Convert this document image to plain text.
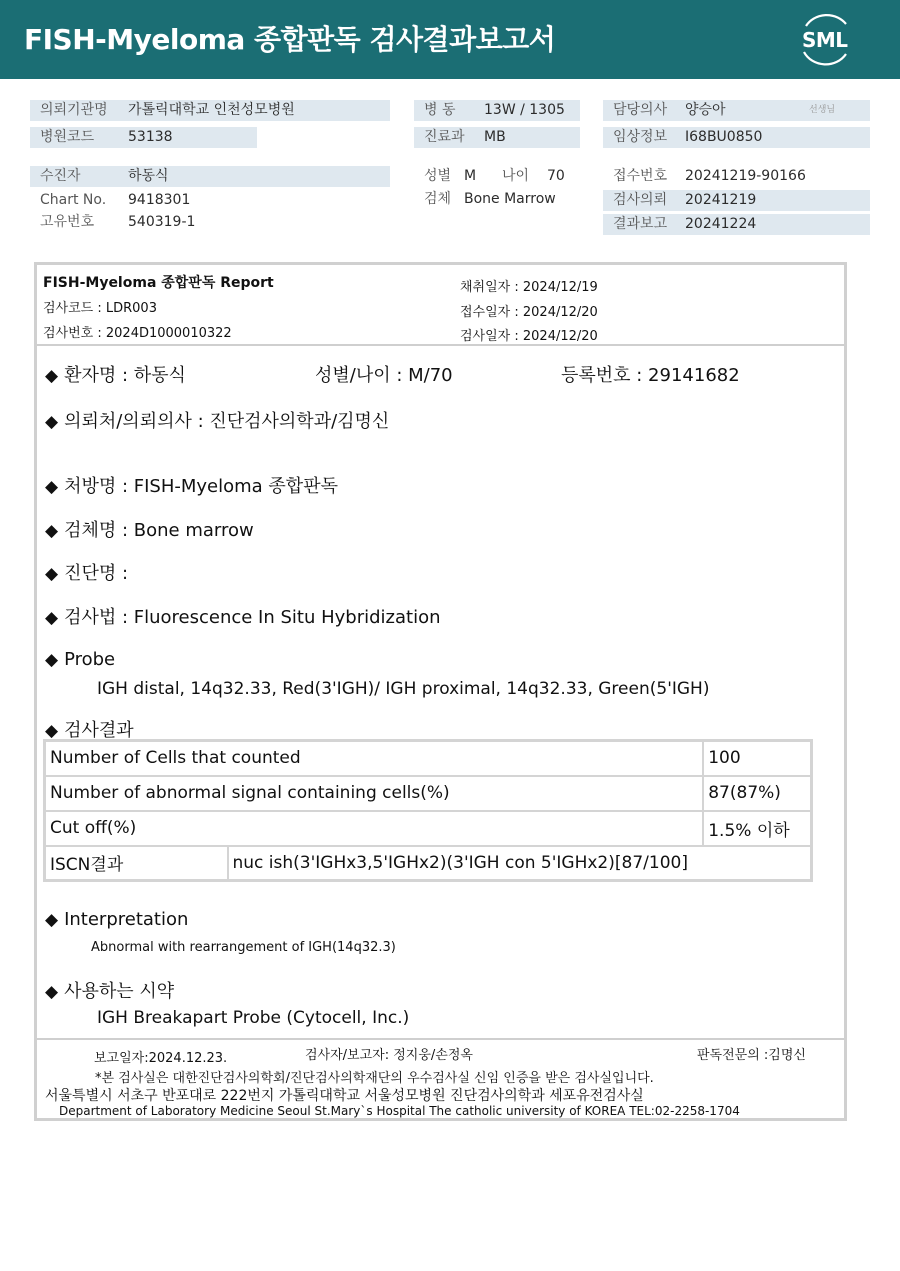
FISH-Myeloma 종합판독 검사결과보고서	SML
의뢰기관명 가톨릭대학교 인천성모병원
병원코드 53138
병 동 13W / 1305
진료과 MB
담당의사 양승아	선생님
임상정보 I68BU0850
수진자	하동식
Chart No. 9418301
고유번호 540319-1
성별 M 나이 70
검체 Bone Marrow
접수번호 20241219-90166
검사의뢰 20241219
결과보고 20241224
FISH-Myeloma 종합판독 Report
검사코드 : LDR003
검사번호 : 2024D1000010322
채취일자 : 2024/12/19
접수일자 : 2024/12/20
검사일자 : 2024/12/20
◆ 환자명 : 하동식	성별/나이 : M/70	등록번호 : 29141682
◆ 의뢰처/의뢰의사 : 진단검사의학과/김명신
◆ 처방명 : FISH-Myeloma 종합판독
◆ 검체명 : Bone marrow
◆ 진단명 :
◆ 검사법 : Fluorescence In Situ Hybridization
◆ Probe
IGH distal, 14q32.33, Red(3'IGH)/ IGH proximal, 14q32.33, Green(5'IGH)
◆ 검사결과
Number of Cells that counted		100
Number of abnormal signal containing cells(%)		87(87%)
Cut off(%)		1.5% 이하
ISCN결과	nuc ish(3'IGHx3,5'IGHx2)(3'IGH con 5'IGHx2)[87/100]	
◆ Interpretation
Abnormal with rearrangement of IGH(14q32.3)
◆ 사용하는 시약
IGH Breakapart Probe (Cytocell, Inc.)
보고일자:2024.12.23.	검사자/보고자: 정지웅/손정옥	판독전문의 :김명신
*본 검사실은 대한진단검사의학회/진단검사의학재단의 우수검사실 신임 인증을 받은 검사실입니다.
서울특별시 서초구 반포대로 222번지 가톨릭대학교 서울성모병원 진단검사의학과 세포유전검사실
Department of Laboratory Medicine Seoul St.Mary`s Hospital The catholic university of KOREA TEL:02-2258-1704
